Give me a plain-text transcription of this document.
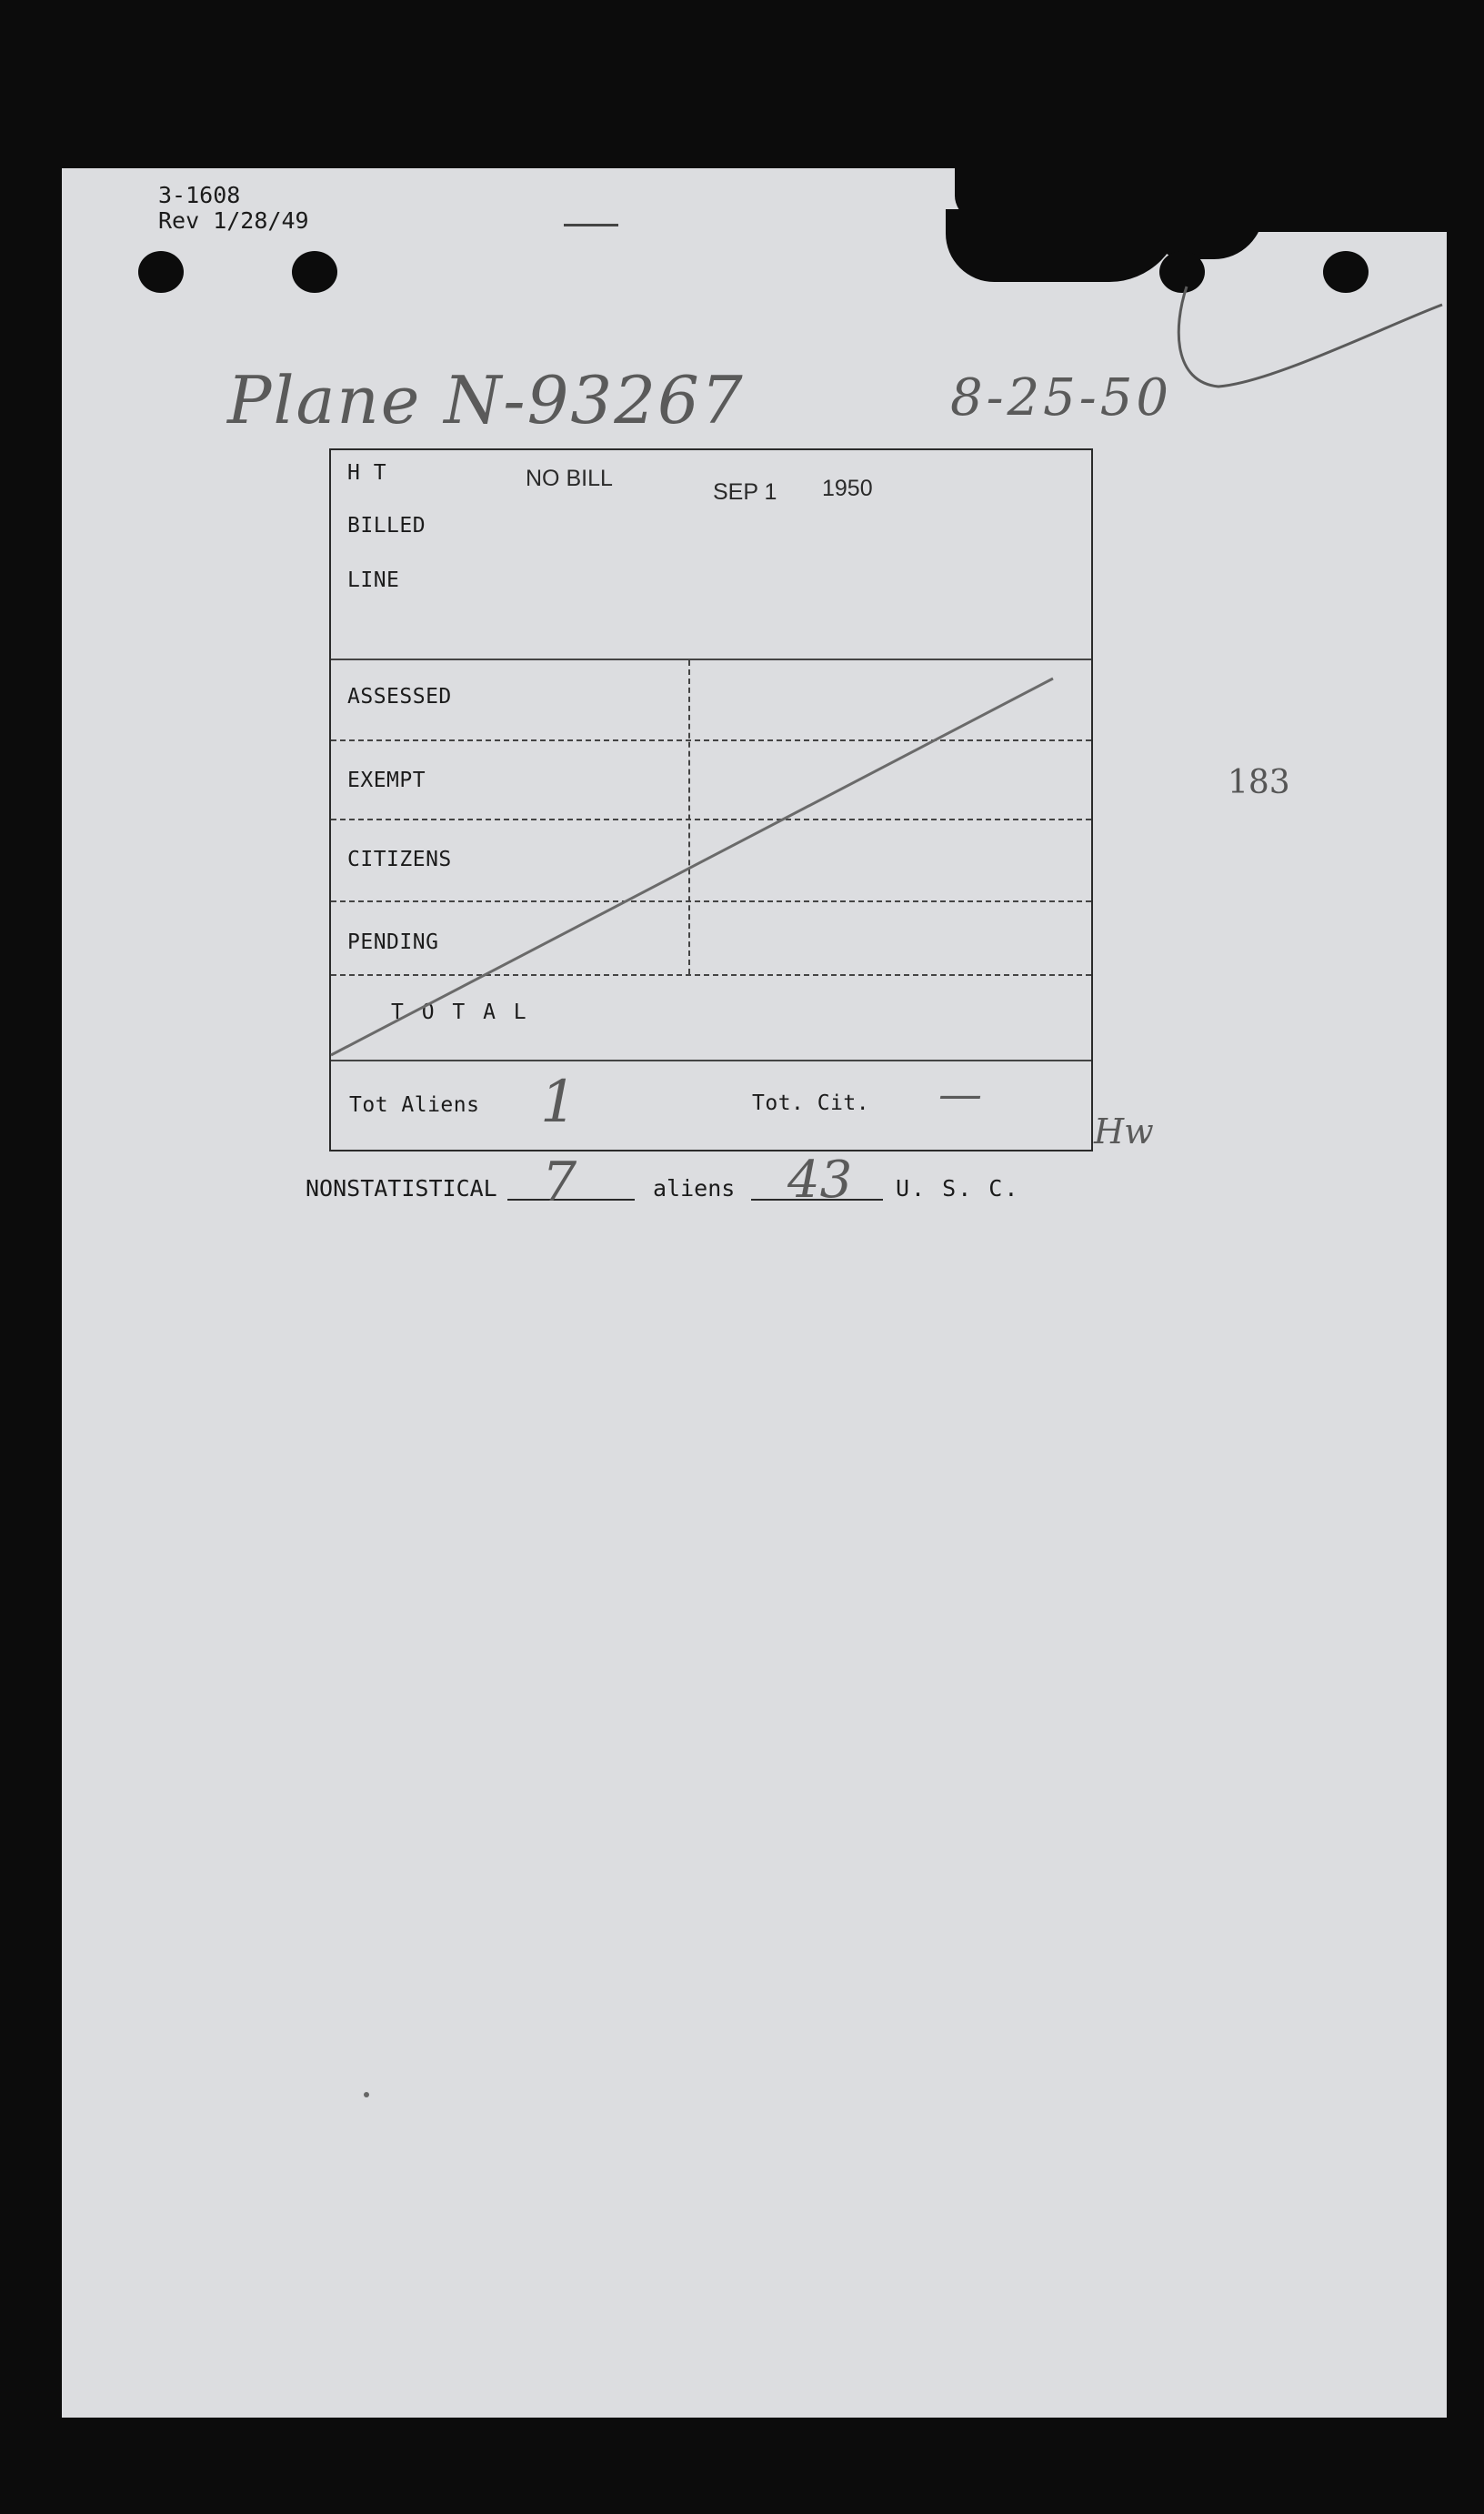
3-1608
Rev 1/28/49
Plane N-93267	8-25-50
NO BILL
SEP 1 1950
183
H T
BILLED
LINE
ASSESSED
EXEMPT
CITIZENS
PENDING
T O T A L
Tot Aliens 1	Tot. Cit. —
Hw
NONSTATISTICAL 7	aliens 43 U. S. C.
